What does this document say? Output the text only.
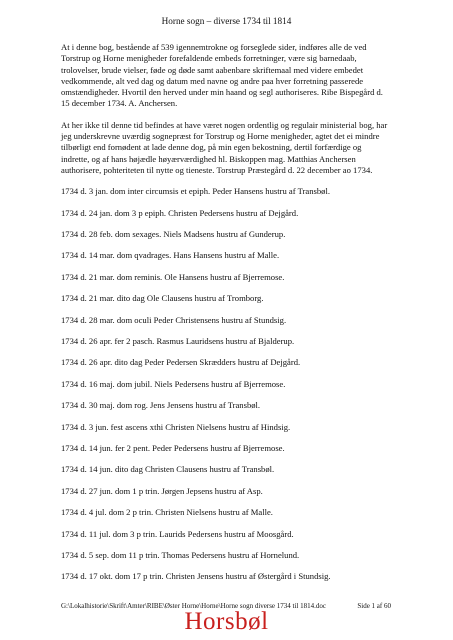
Horne sogn – diverse 1734 til 1814

At i denne bog, bestående af 539 igennemtrokne og forseglede sider, indføres alle de ved Torstrup og Horne menigheder forefaldende embeds forretninger, være sig barnedaab, trolovelser, brude vielser, føde og døde samt aabenbare skriftemaal med videre embedet vedkommende, alt ved dag og datum med navne og andre paa hver forretning passerede omstændigheder. Hvortil den herved under min haand og segl authoriseres. Ribe Bispegård d. 15 december 1734. A. Anchersen.

At her ikke til denne tid befindes at have været nogen ordentlig og regulair ministerial bog, har jeg underskrevne uværdig sognepræst for Torstrup og Horne menigheder, agtet det ei mindre tilbørligt end fornødent at lade denne dog, på min egen bekostning, dertil forfærdige og indrette, og af hans højædle høyærværdighed hl. Biskoppen mag. Matthias Anchersen authorisere, pohteriteten til nytte og tieneste. Torstrup Præstegård d. 22 december ao 1734.

1734 d. 3 jan. dom inter circumsis et epiph. Peder Hansens hustru af Transbøl.
1734 d. 24 jan. dom 3 p epiph. Christen Pedersens hustru af Dejgård.
1734 d. 28 feb. dom sexages. Niels Madsens hustru af Gunderup.
1734 d. 14 mar. dom qvadrages. Hans Hansens hustru af Malle.
1734 d. 21 mar. dom reminis. Ole Hansens hustru af Bjerremose.
1734 d. 21 mar. dito dag Ole Clausens hustru af Tromborg.
1734 d. 28 mar. dom oculi Peder Christensens hustru af Stundsig.
1734 d. 26 apr. fer 2 pasch. Rasmus Lauridsens hustru af Bjalderup.
1734 d. 26 apr. dito dag Peder Pedersen Skrædders hustru af Dejgård.
1734 d. 16 maj. dom jubil. Niels Pedersens hustru af Bjerremose.
1734 d. 30 maj. dom rog. Jens Jensens hustru af Transbøl.
1734 d. 3 jun. fest ascens xthi Christen Nielsens hustru af Hindsig.
1734 d. 14 jun. fer 2 pent. Peder Pedersens hustru af Bjerremose.
1734 d. 14 jun. dito dag Christen Clausens hustru af Transbøl.
1734 d. 27 jun. dom 1 p trin. Jørgen Jepsens hustru af Asp.
1734 d. 4 jul. dom 2 p trin. Christen Nielsens hustru af Malle.
1734 d. 11 jul. dom 3 p trin. Laurids Pedersens hustru af Moosgård.
1734 d. 5 sep. dom 11 p trin. Thomas Pedersens hustru af Hornelund.
1734 d. 17 okt. dom 17 p trin. Christen Jensens hustru af Østergård i Stundsig.
G:\Lokalhistorie\Skrift\Amter\RIBE\Øster Horne\Horne\Horne sogn diverse 1734 til 1814.doc	Side 1 af 60
Horsbøl
